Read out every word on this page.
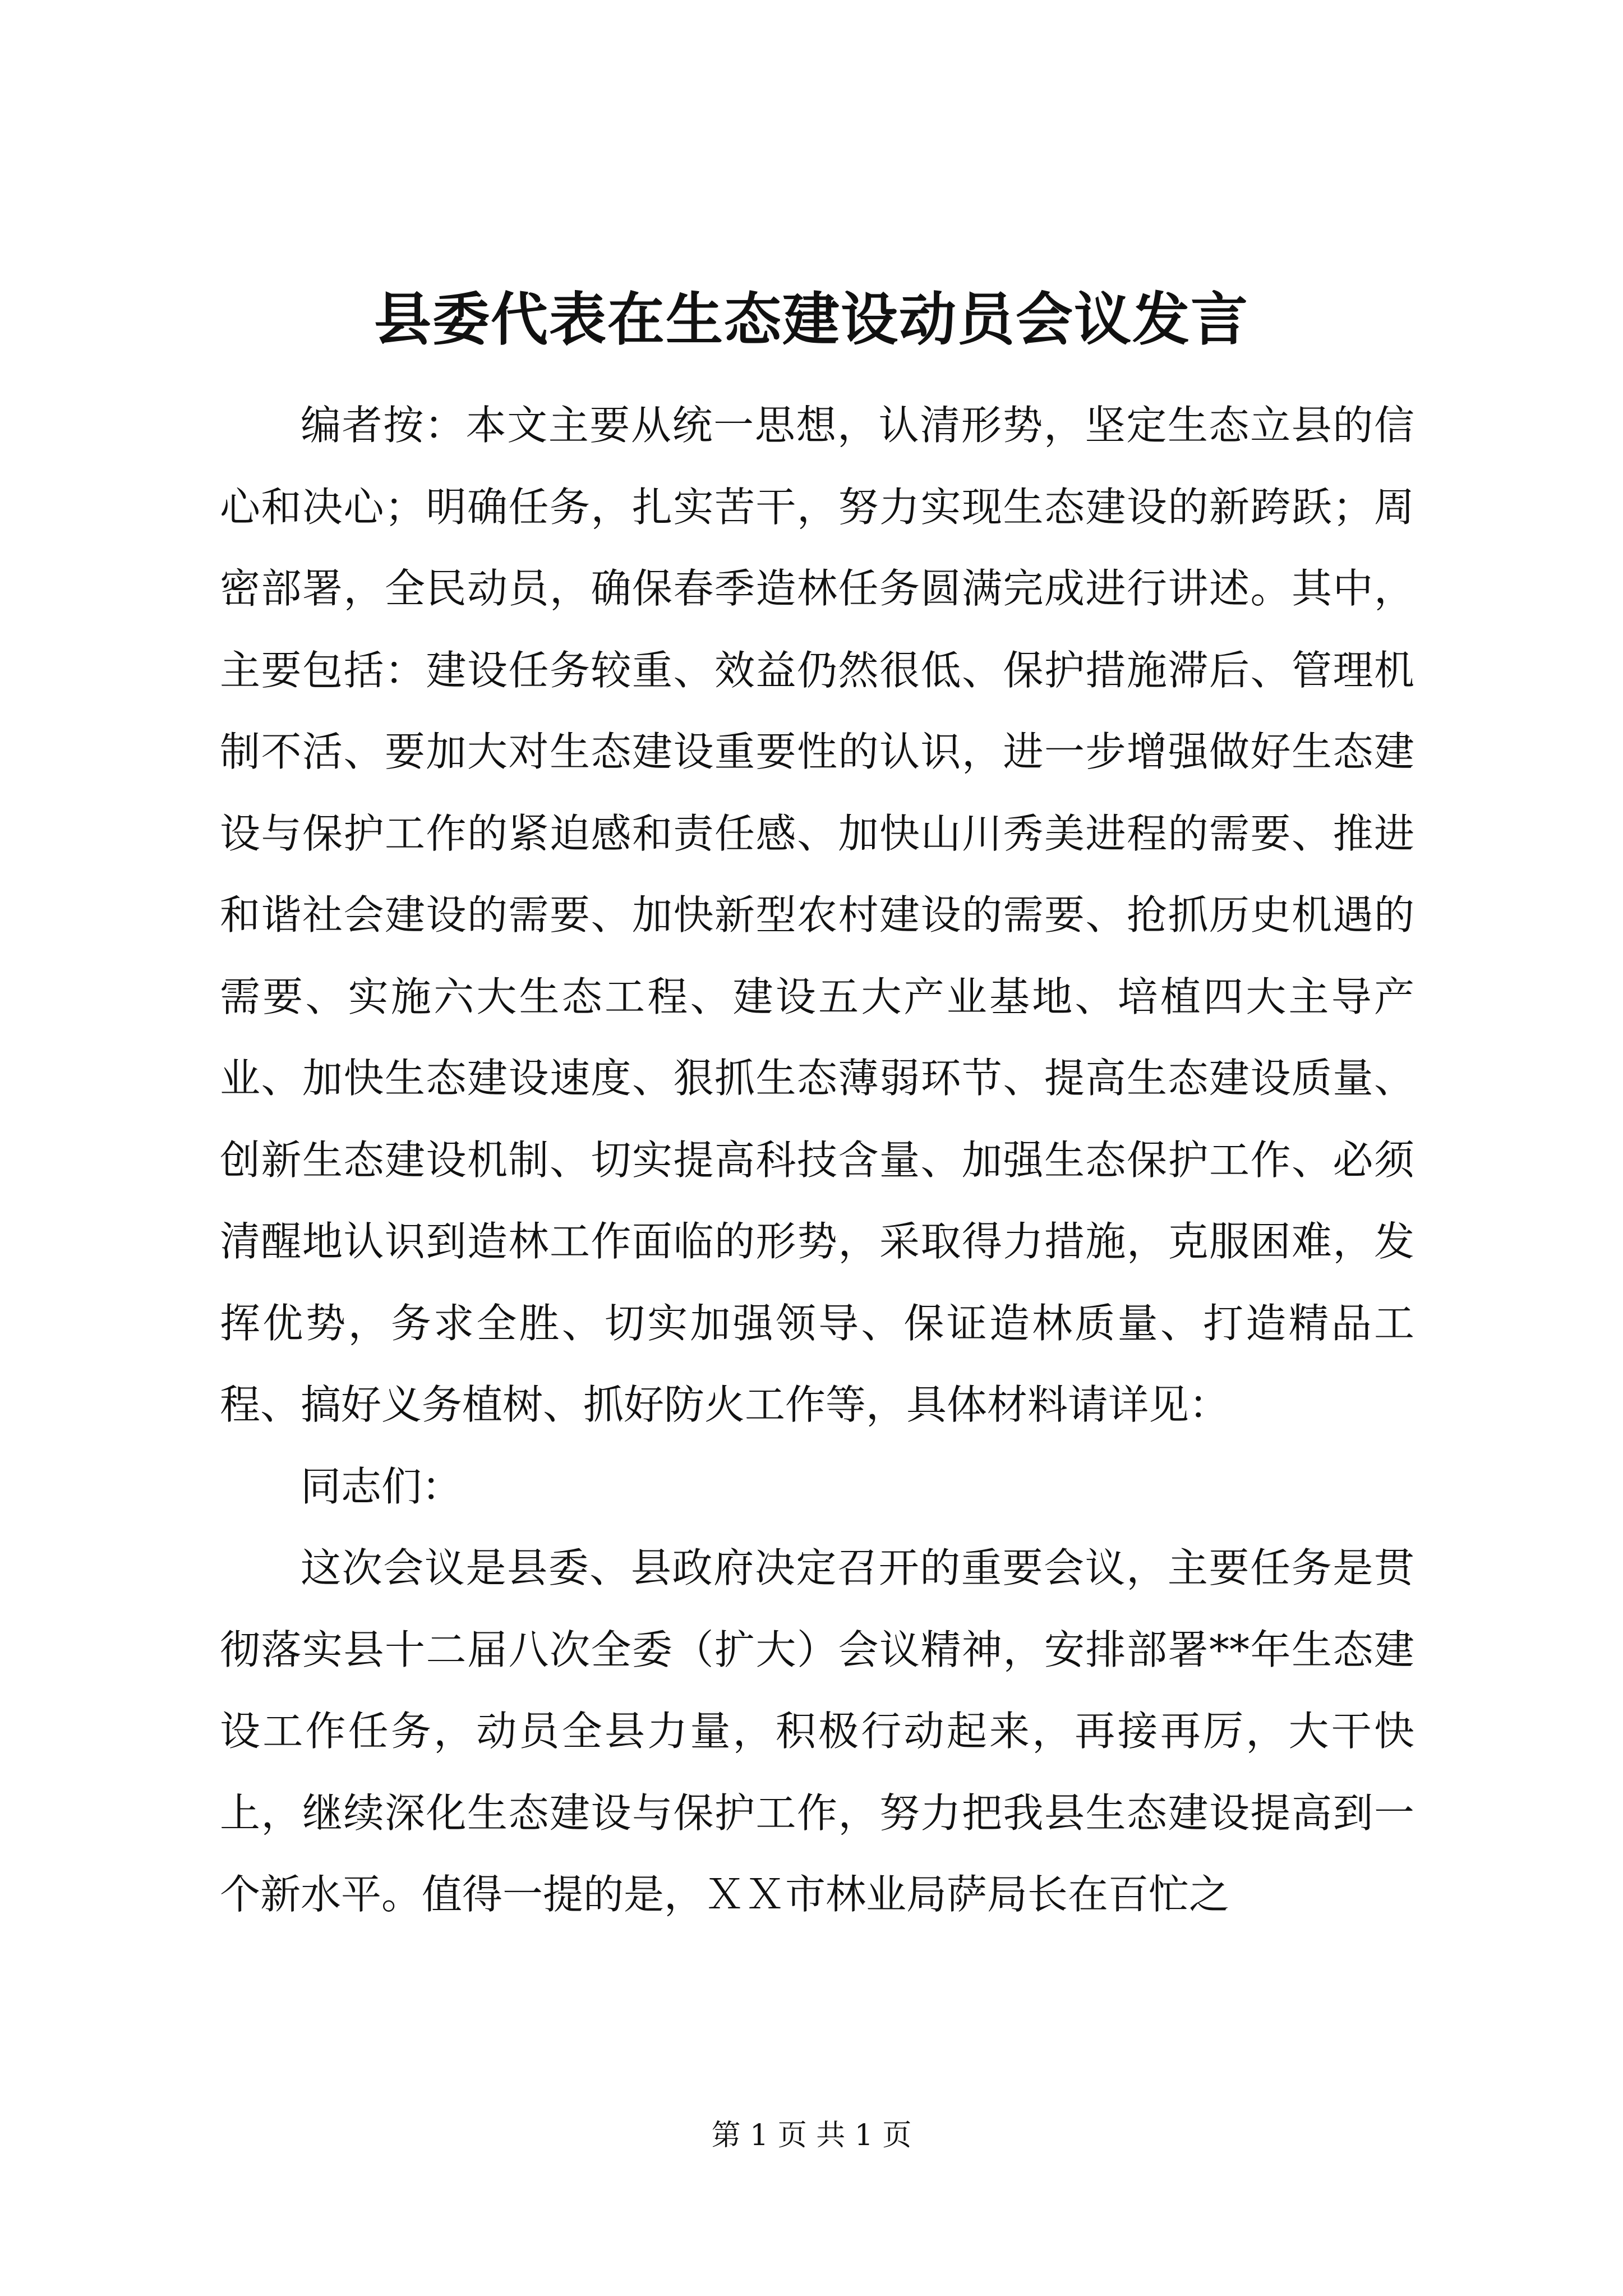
县委代表在生态建设动员会议发言

编者按：本文主要从统一思想，认清形势，坚定生态立县的信心和决心；明确任务，扎实苦干，努力实现生态建设的新跨跃；周密部署，全民动员，确保春季造林任务圆满完成进行讲述。其中，主要包括：建设任务较重、效益仍然很低、保护措施滞后、管理机制不活、要加大对生态建设重要性的认识，进一步增强做好生态建设与保护工作的紧迫感和责任感、加快山川秀美进程的需要、推进和谐社会建设的需要、加快新型农村建设的需要、抢抓历史机遇的需要、实施六大生态工程、建设五大产业基地、培植四大主导产业、加快生态建设速度、狠抓生态薄弱环节、提高生态建设质量、创新生态建设机制、切实提高科技含量、加强生态保护工作、必须清醒地认识到造林工作面临的形势，采取得力措施，克服困难，发挥优势，务求全胜、切实加强领导、保证造林质量、打造精品工程、搞好义务植树、抓好防火工作等，具体材料请详见：

同志们：

这次会议是县委、县政府决定召开的重要会议，主要任务是贯彻落实县十二届八次全委（扩大）会议精神，安排部署**年生态建设工作任务，动员全县力量，积极行动起来，再接再厉，大干快上，继续深化生态建设与保护工作，努力把我县生态建设提高到一个新水平。值得一提的是，ＸＸ市林业局萨局长在百忙之

第 1 页 共 1 页
